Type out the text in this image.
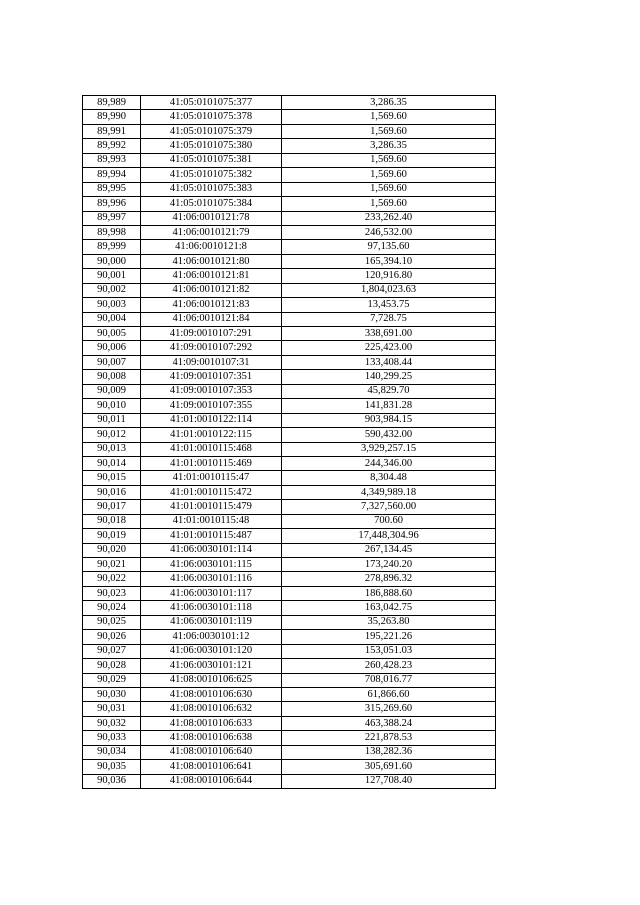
89,989	41:05:0101075:377	3,286.35
89,990	41:05:0101075:378	1,569.60
89,991	41:05:0101075:379	1,569.60
89,992	41:05:0101075:380	3,286.35
89,993	41:05:0101075:381	1,569.60
89,994	41:05:0101075:382	1,569.60
89,995	41:05:0101075:383	1,569.60
89,996	41:05:0101075:384	1,569.60
89,997	41:06:0010121:78	233,262.40
89,998	41:06:0010121:79	246,532.00
89,999	41:06:0010121:8	97,135.60
90,000	41:06:0010121:80	165,394.10
90,001	41:06:0010121:81	120,916.80
90,002	41:06:0010121:82	1,804,023.63
90,003	41:06:0010121:83	13,453.75
90,004	41:06:0010121:84	7,728.75
90,005	41:09:0010107:291	338,691.00
90,006	41:09:0010107:292	225,423.00
90,007	41:09:0010107:31	133,408.44
90,008	41:09:0010107:351	140,299.25
90,009	41:09:0010107:353	45,829.70
90,010	41:09:0010107:355	141,831.28
90,011	41:01:0010122:114	903,984.15
90,012	41:01:0010122:115	590,432.00
90,013	41:01:0010115:468	3,929,257.15
90,014	41:01:0010115:469	244,346.00
90,015	41:01:0010115:47	8,304.48
90,016	41:01:0010115:472	4,349,989.18
90,017	41:01:0010115:479	7,327,560.00
90,018	41:01:0010115:48	700.60
90,019	41:01:0010115:487	17,448,304.96
90,020	41:06:0030101:114	267,134.45
90,021	41:06:0030101:115	173,240.20
90,022	41:06:0030101:116	278,896.32
90,023	41:06:0030101:117	186,888.60
90,024	41:06:0030101:118	163,042.75
90,025	41:06:0030101:119	35,263.80
90,026	41:06:0030101:12	195,221.26
90,027	41:06:0030101:120	153,051.03
90,028	41:06:0030101:121	260,428.23
90,029	41:08:0010106:625	708,016.77
90,030	41:08:0010106:630	61,866.60
90,031	41:08:0010106:632	315,269.60
90,032	41:08:0010106:633	463,388.24
90,033	41:08:0010106:638	221,878.53
90,034	41:08:0010106:640	138,282.36
90,035	41:08:0010106:641	305,691.60
90,036	41:08:0010106:644	127,708.40
